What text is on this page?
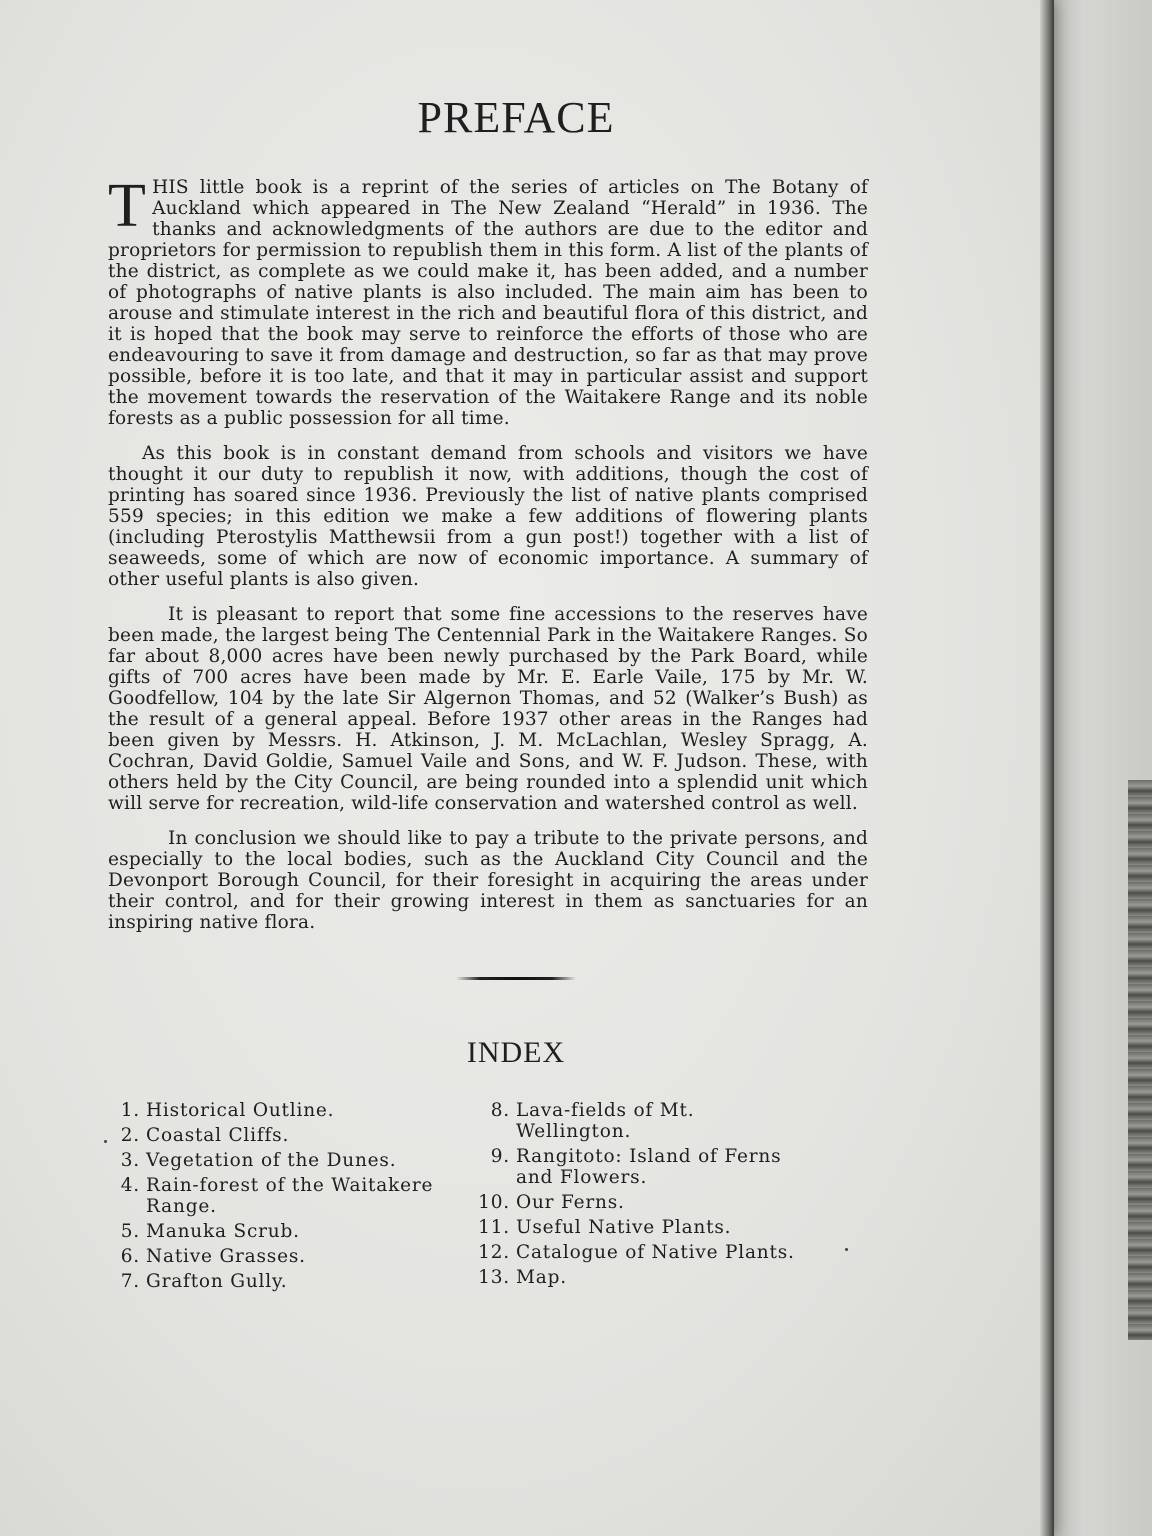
PREFACE

THIS little book is a reprint of the series of articles on The Botany of Auckland which appeared in The New Zealand “Herald” in 1936. The thanks and acknowledgments of the authors are due to the editor and proprietors for permission to republish them in this form. A list of the plants of the district, as complete as we could make it, has been added, and a number of photographs of native plants is also included. The main aim has been to arouse and stimulate interest in the rich and beautiful flora of this district, and it is hoped that the book may serve to reinforce the efforts of those who are endeavouring to save it from damage and destruction, so far as that may prove possible, before it is too late, and that it may in particular assist and support the movement towards the reservation of the Waitakere Range and its noble forests as a public possession for all time.

As this book is in constant demand from schools and visitors we have thought it our duty to republish it now, with additions, though the cost of printing has soared since 1936. Previously the list of native plants comprised 559 species; in this edition we make a few additions of flowering plants (including Pterostylis Matthewsii from a gun post!) together with a list of seaweeds, some of which are now of economic importance. A summary of other useful plants is also given.

It is pleasant to report that some fine accessions to the reserves have been made, the largest being The Centennial Park in the Waitakere Ranges. So far about 8,000 acres have been newly purchased by the Park Board, while gifts of 700 acres have been made by Mr. E. Earle Vaile, 175 by Mr. W. Goodfellow, 104 by the late Sir Algernon Thomas, and 52 (Walker’s Bush) as the result of a general appeal. Before 1937 other areas in the Ranges had been given by Messrs. H. Atkinson, J. M. McLachlan, Wesley Spragg, A. Cochran, David Goldie, Samuel Vaile and Sons, and W. F. Judson. These, with others held by the City Council, are being rounded into a splendid unit which will serve for recreation, wild-life conservation and watershed control as well.

In conclusion we should like to pay a tribute to the private persons, and especially to the local bodies, such as the Auckland City Council and the Devonport Borough Council, for their foresight in acquiring the areas under their control, and for their growing interest in them as sanctuaries for an inspiring native flora.

INDEX
1. Historical Outline.
2. Coastal Cliffs.
3. Vegetation of the Dunes.
4. Rain-forest of the Waitakere Range.
5. Manuka Scrub.
6. Native Grasses.
7. Grafton Gully.
8. Lava-fields of Mt. Wellington.
9. Rangitoto: Island of Ferns and Flowers.
10. Our Ferns.
11. Useful Native Plants.
12. Catalogue of Native Plants.
13. Map.
